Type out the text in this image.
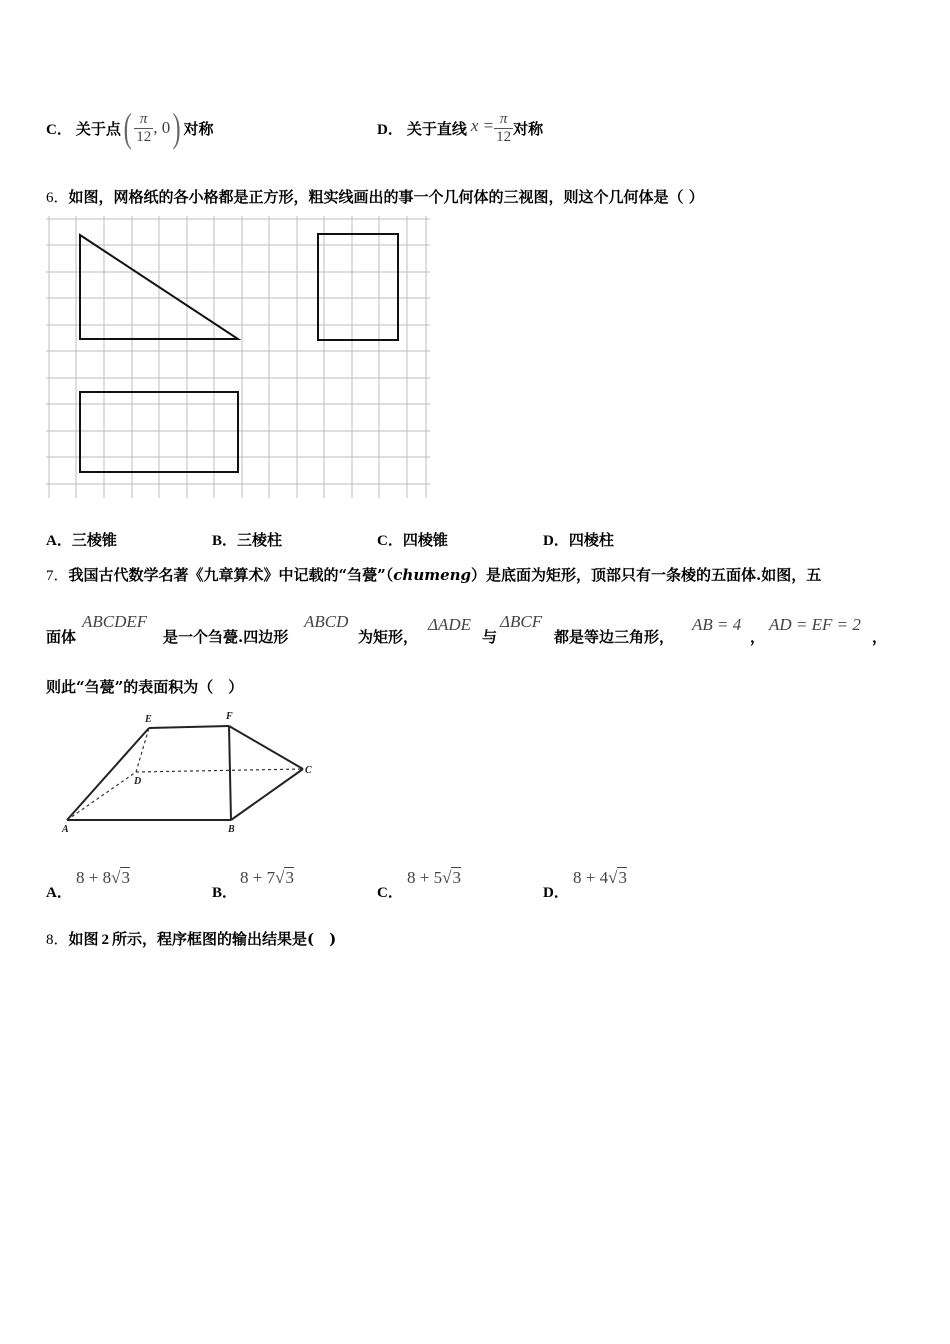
C． 关于点 ( $\frac{\pi}{12}$ , 0 ) 对称	D． 关于直线 $x = \frac{\pi}{12}$ 对称
6．如图，网格纸的各小格都是正方形，粗实线画出的事一个几何体的三视图，则这个几何体是（ ）
A．三棱锥	B．三棱柱	C．四棱锥	D．四棱柱
7．我国古代数学名著《九章算术》中记载的“刍甍”（chumeng）是底面为矩形，顶部只有一条棱的五面体.如图，五
面体
ABCDEF
是一个刍甍.四边形
ABCD
为矩形，
ΔADE
与
ΔBCF
都是等边三角形，
AB = 4
，
AD = EF = 2
，
则此“刍甍”的表面积为（　）
E	F
D
C
A	B
A．
8 + 8√3
B．
8 + 7√3
C．
8 + 5√3
D．
8 + 4√3
8．如图 2 所示，程序框图的输出结果是(　)
